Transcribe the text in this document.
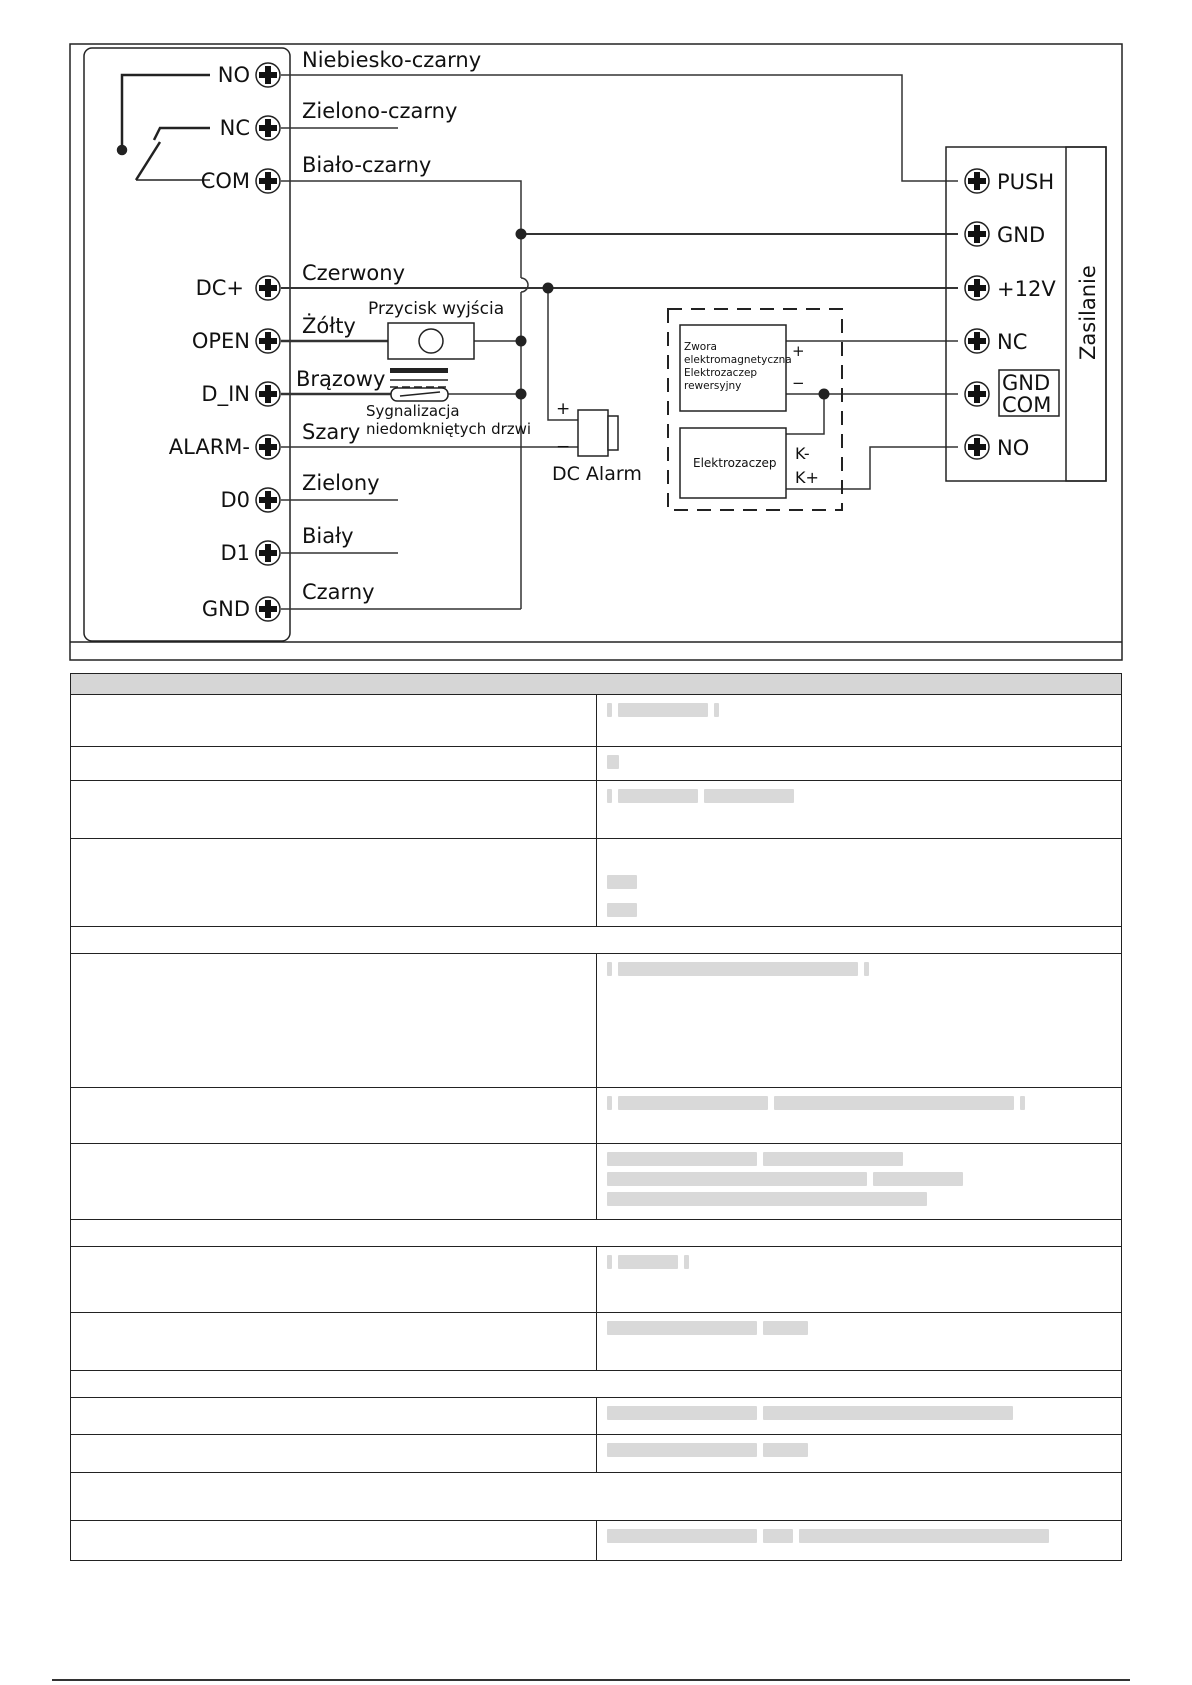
NO
NC
COM
DC+
OPEN
D_IN
ALARM-
D0
D1
GND
Niebiesko-czarny
Zielono-czarny
Biało-czarny
Czerwony
Żółty
Brązowy
Szary
Zielony
Biały
Czarny
Przycisk wyjścia
Sygnalizacja
niedomkniętych drzwi
+
−
DC Alarm
Zwora
elektromagnetyczna
Elektrozaczep
rewersyjny
+
−
Elektrozaczep K-
K+
Zasilanie
PUSH
GND
+12V
NC
GND
COM
NO
